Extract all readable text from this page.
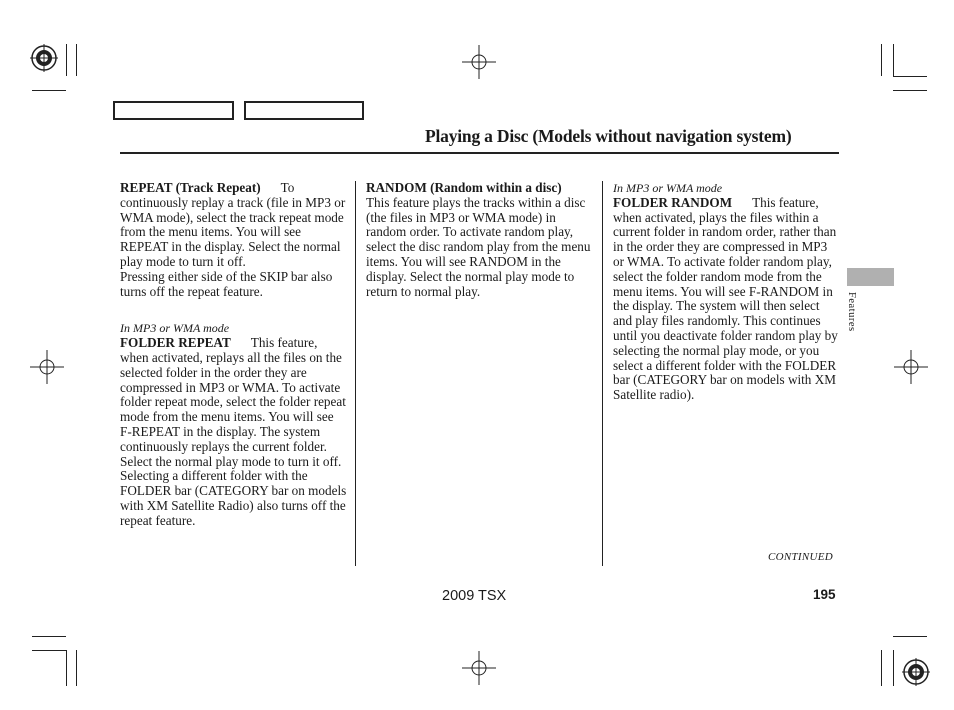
Playing a Disc (Models without navigation system)

REPEAT (Track Repeat) To continuously replay a track (file in MP3 or WMA mode), select the track repeat mode from the menu items. You will see REPEAT in the display. Select the normal play mode to turn it off.

Pressing either side of the SKIP bar also turns off the repeat feature.

In MP3 or WMA mode

FOLDER REPEAT This feature, when activated, replays all the files on the selected folder in the order they are compressed in MP3 or WMA. To activate folder repeat mode, select the folder repeat mode from the menu items. You will see F-REPEAT in the display. The system continuously replays the current folder. Select the normal play mode to turn it off. Selecting a different folder with the FOLDER bar (CATEGORY bar on models with XM Satellite Radio) also turns off the repeat feature.

RANDOM (Random within a disc)This feature plays the tracks within a disc (the files in MP3 or WMA mode) in random order. To activate random play, select the disc random play from the menu items. You will see RANDOM in the display. Select the normal play mode to return to normal play.

In MP3 or WMA mode

FOLDER RANDOM This feature, when activated, plays the files within a current folder in random order, rather than in the order they are compressed in MP3 or WMA. To activate folder random play, select the folder random mode from the menu items. You will see F-RANDOM in the display. The system will then select and play files randomly. This continues until you deactivate folder random play by selecting the normal play mode, or you select a different folder with the FOLDER bar (CATEGORY bar on models with XM Satellite radio).

Features
CONTINUED
2009 TSX	195
